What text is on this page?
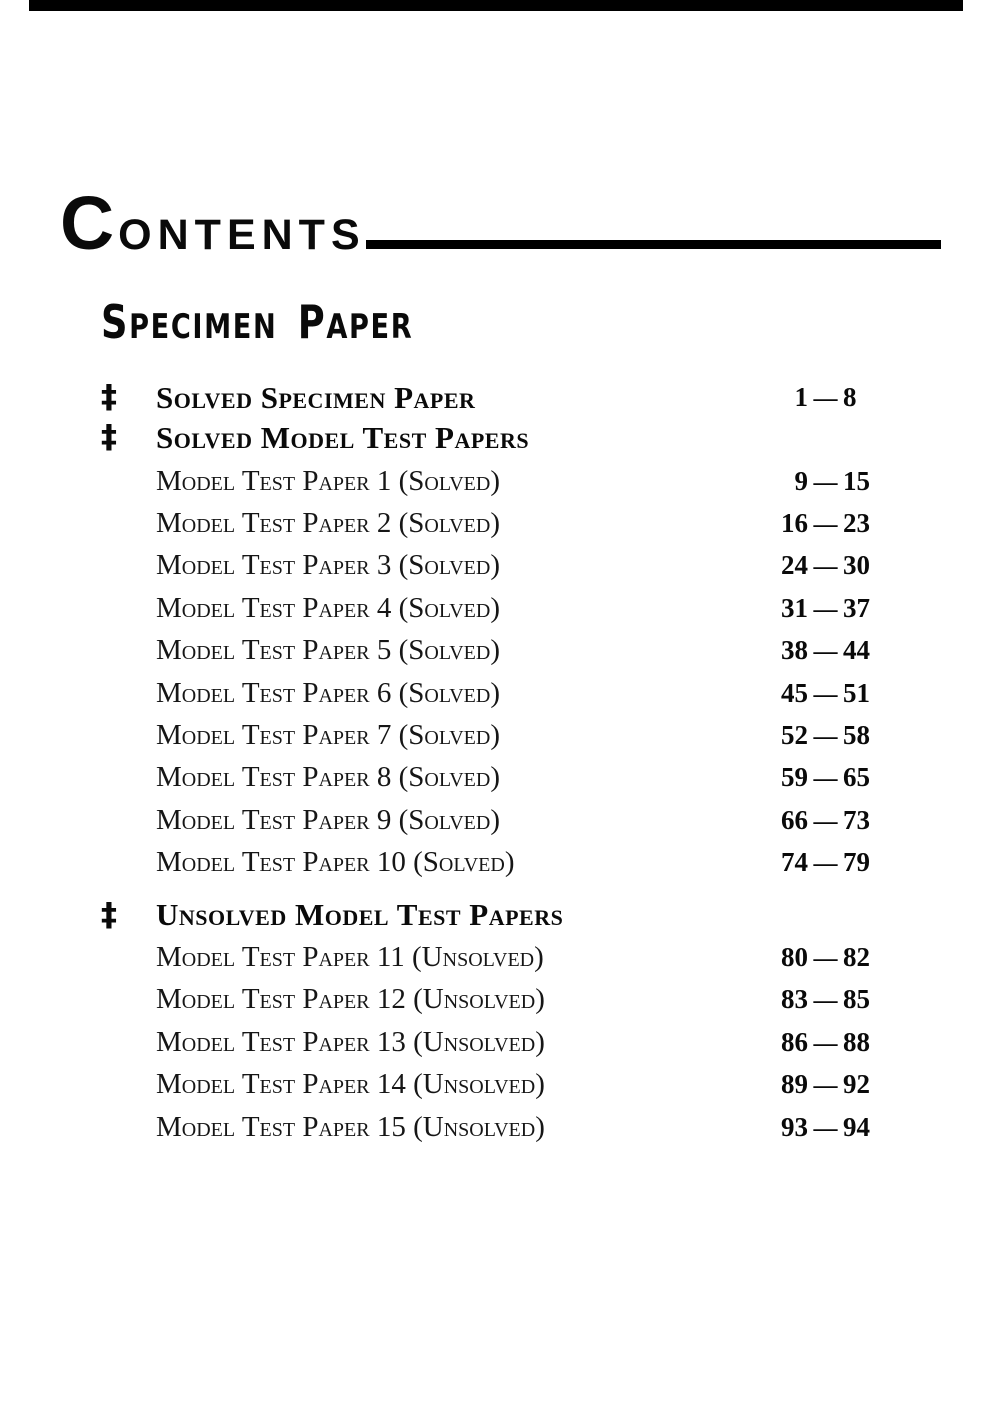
C ONTENTS
SPECIMEN PAPER
‡ Solved Specimen Paper	1 — 8
‡ Solved Model Test Papers
Model Test Paper 1 (Solved)	9 — 15
Model Test Paper 2 (Solved)	16 — 23
Model Test Paper 3 (Solved)	24 — 30
Model Test Paper 4 (Solved)	31 — 37
Model Test Paper 5 (Solved)	38 — 44
Model Test Paper 6 (Solved)	45 — 51
Model Test Paper 7 (Solved)	52 — 58
Model Test Paper 8 (Solved)	59 — 65
Model Test Paper 9 (Solved)	66 — 73
Model Test Paper 10 (Solved)	74 — 79
‡ Unsolved Model Test Papers
Model Test Paper 11 (Unsolved)	80 — 82
Model Test Paper 12 (Unsolved)	83 — 85
Model Test Paper 13 (Unsolved)	86 — 88
Model Test Paper 14 (Unsolved)	89 — 92
Model Test Paper 15 (Unsolved)	93 — 94
